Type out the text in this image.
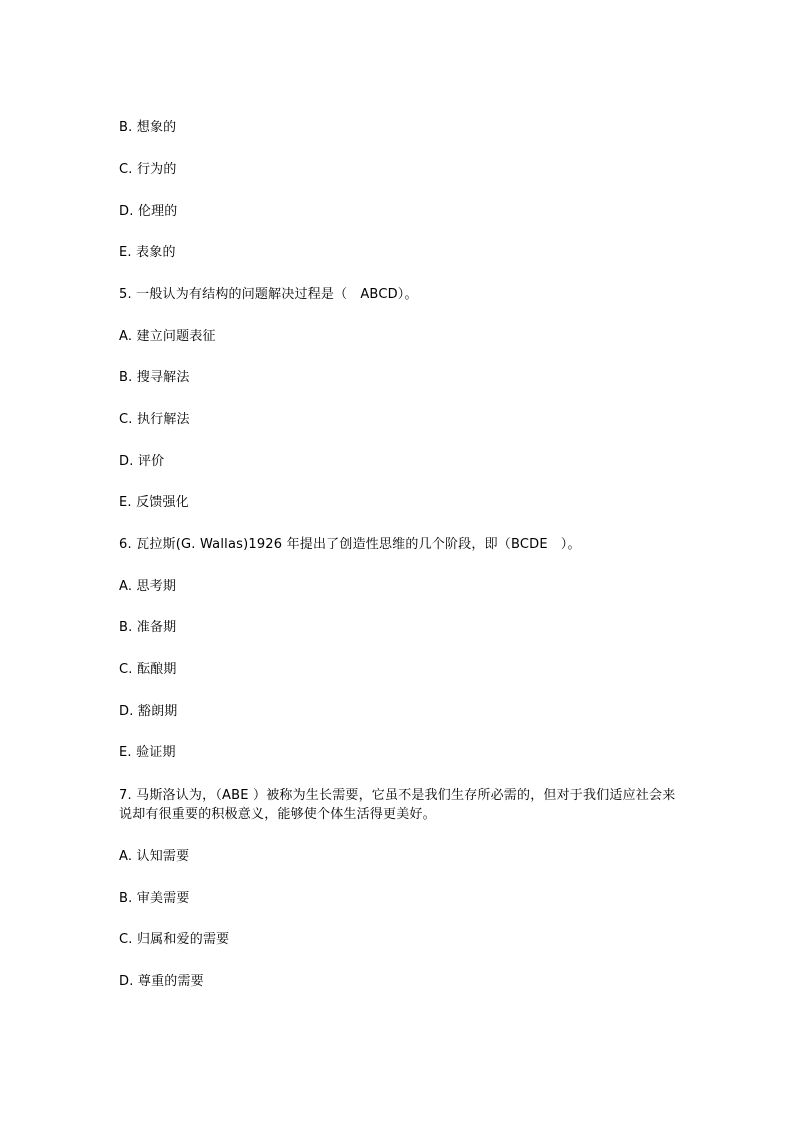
B. 想象的
C. 行为的
D. 伦理的
E. 表象的
5. 一般认为有结构的问题解决过程是（   ABCD）。
A. 建立问题表征
B. 搜寻解法
C. 执行解法
D. 评价
E. 反馈强化
6. 瓦拉斯(G. Wallas)1926 年提出了创造性思维的几个阶段，即（BCDE   ）。
A. 思考期
B. 准备期
C. 酝酿期
D. 豁朗期
E. 验证期
7. 马斯洛认为，（ABE ）被称为生长需要，它虽不是我们生存所必需的，但对于我们适应社会来说却有很重要的积极意义，能够使个体生活得更美好。
A. 认知需要
B. 审美需要
C. 归属和爱的需要
D. 尊重的需要
